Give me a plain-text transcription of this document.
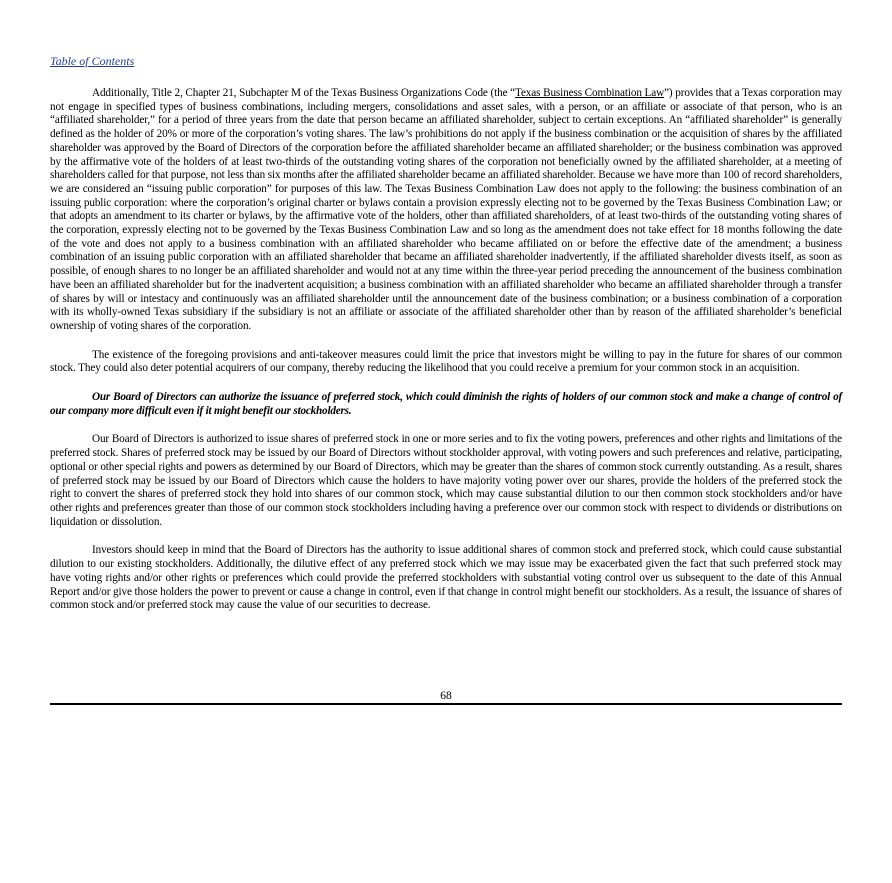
Table of Contents

Additionally, Title 2, Chapter 21, Subchapter M of the Texas Business Organizations Code (the “Texas Business Combination Law”) provides that a Texas corporation may not engage in specified types of business combinations, including mergers, consolidations and asset sales, with a person, or an affiliate or associate of that person, who is an “affiliated shareholder,” for a period of three years from the date that person became an affiliated shareholder, subject to certain exceptions. An “affiliated shareholder” is generally defined as the holder of 20% or more of the corporation’s voting shares. The law’s prohibitions do not apply if the business combination or the acquisition of shares by the affiliated shareholder was approved by the Board of Directors of the corporation before the affiliated shareholder became an affiliated shareholder; or the business combination was approved by the affirmative vote of the holders of at least two-thirds of the outstanding voting shares of the corporation not beneficially owned by the affiliated shareholder, at a meeting of shareholders called for that purpose, not less than six months after the affiliated shareholder became an affiliated shareholder. Because we have more than 100 of record shareholders, we are considered an “issuing public corporation” for purposes of this law. The Texas Business Combination Law does not apply to the following: the business combination of an issuing public corporation: where the corporation’s original charter or bylaws contain a provision expressly electing not to be governed by the Texas Business Combination Law; or that adopts an amendment to its charter or bylaws, by the affirmative vote of the holders, other than affiliated shareholders, of at least two-thirds of the outstanding voting shares of the corporation, expressly electing not to be governed by the Texas Business Combination Law and so long as the amendment does not take effect for 18 months following the date of the vote and does not apply to a business combination with an affiliated shareholder who became affiliated on or before the effective date of the amendment; a business combination of an issuing public corporation with an affiliated shareholder that became an affiliated shareholder inadvertently, if the affiliated shareholder divests itself, as soon as possible, of enough shares to no longer be an affiliated shareholder and would not at any time within the three-year period preceding the announcement of the business combination have been an affiliated shareholder but for the inadvertent acquisition; a business combination with an affiliated shareholder who became an affiliated shareholder through a transfer of shares by will or intestacy and continuously was an affiliated shareholder until the announcement date of the business combination; or a business combination of a corporation with its wholly-owned Texas subsidiary if the subsidiary is not an affiliate or associate of the affiliated shareholder other than by reason of the affiliated shareholder’s beneficial ownership of voting shares of the corporation.

The existence of the foregoing provisions and anti-takeover measures could limit the price that investors might be willing to pay in the future for shares of our common stock. They could also deter potential acquirers of our company, thereby reducing the likelihood that you could receive a premium for your common stock in an acquisition.

Our Board of Directors can authorize the issuance of preferred stock, which could diminish the rights of holders of our common stock and make a change of control of our company more difficult even if it might benefit our stockholders.

Our Board of Directors is authorized to issue shares of preferred stock in one or more series and to fix the voting powers, preferences and other rights and limitations of the preferred stock. Shares of preferred stock may be issued by our Board of Directors without stockholder approval, with voting powers and such preferences and relative, participating, optional or other special rights and powers as determined by our Board of Directors, which may be greater than the shares of common stock currently outstanding. As a result, shares of preferred stock may be issued by our Board of Directors which cause the holders to have majority voting power over our shares, provide the holders of the preferred stock the right to convert the shares of preferred stock they hold into shares of our common stock, which may cause substantial dilution to our then common stock stockholders and/or have other rights and preferences greater than those of our common stock stockholders including having a preference over our common stock with respect to dividends or distributions on liquidation or dissolution.

Investors should keep in mind that the Board of Directors has the authority to issue additional shares of common stock and preferred stock, which could cause substantial dilution to our existing stockholders. Additionally, the dilutive effect of any preferred stock which we may issue may be exacerbated given the fact that such preferred stock may have voting rights and/or other rights or preferences which could provide the preferred stockholders with substantial voting control over us subsequent to the date of this Annual Report and/or give those holders the power to prevent or cause a change in control, even if that change in control might benefit our stockholders. As a result, the issuance of shares of common stock and/or preferred stock may cause the value of our securities to decrease.

68
